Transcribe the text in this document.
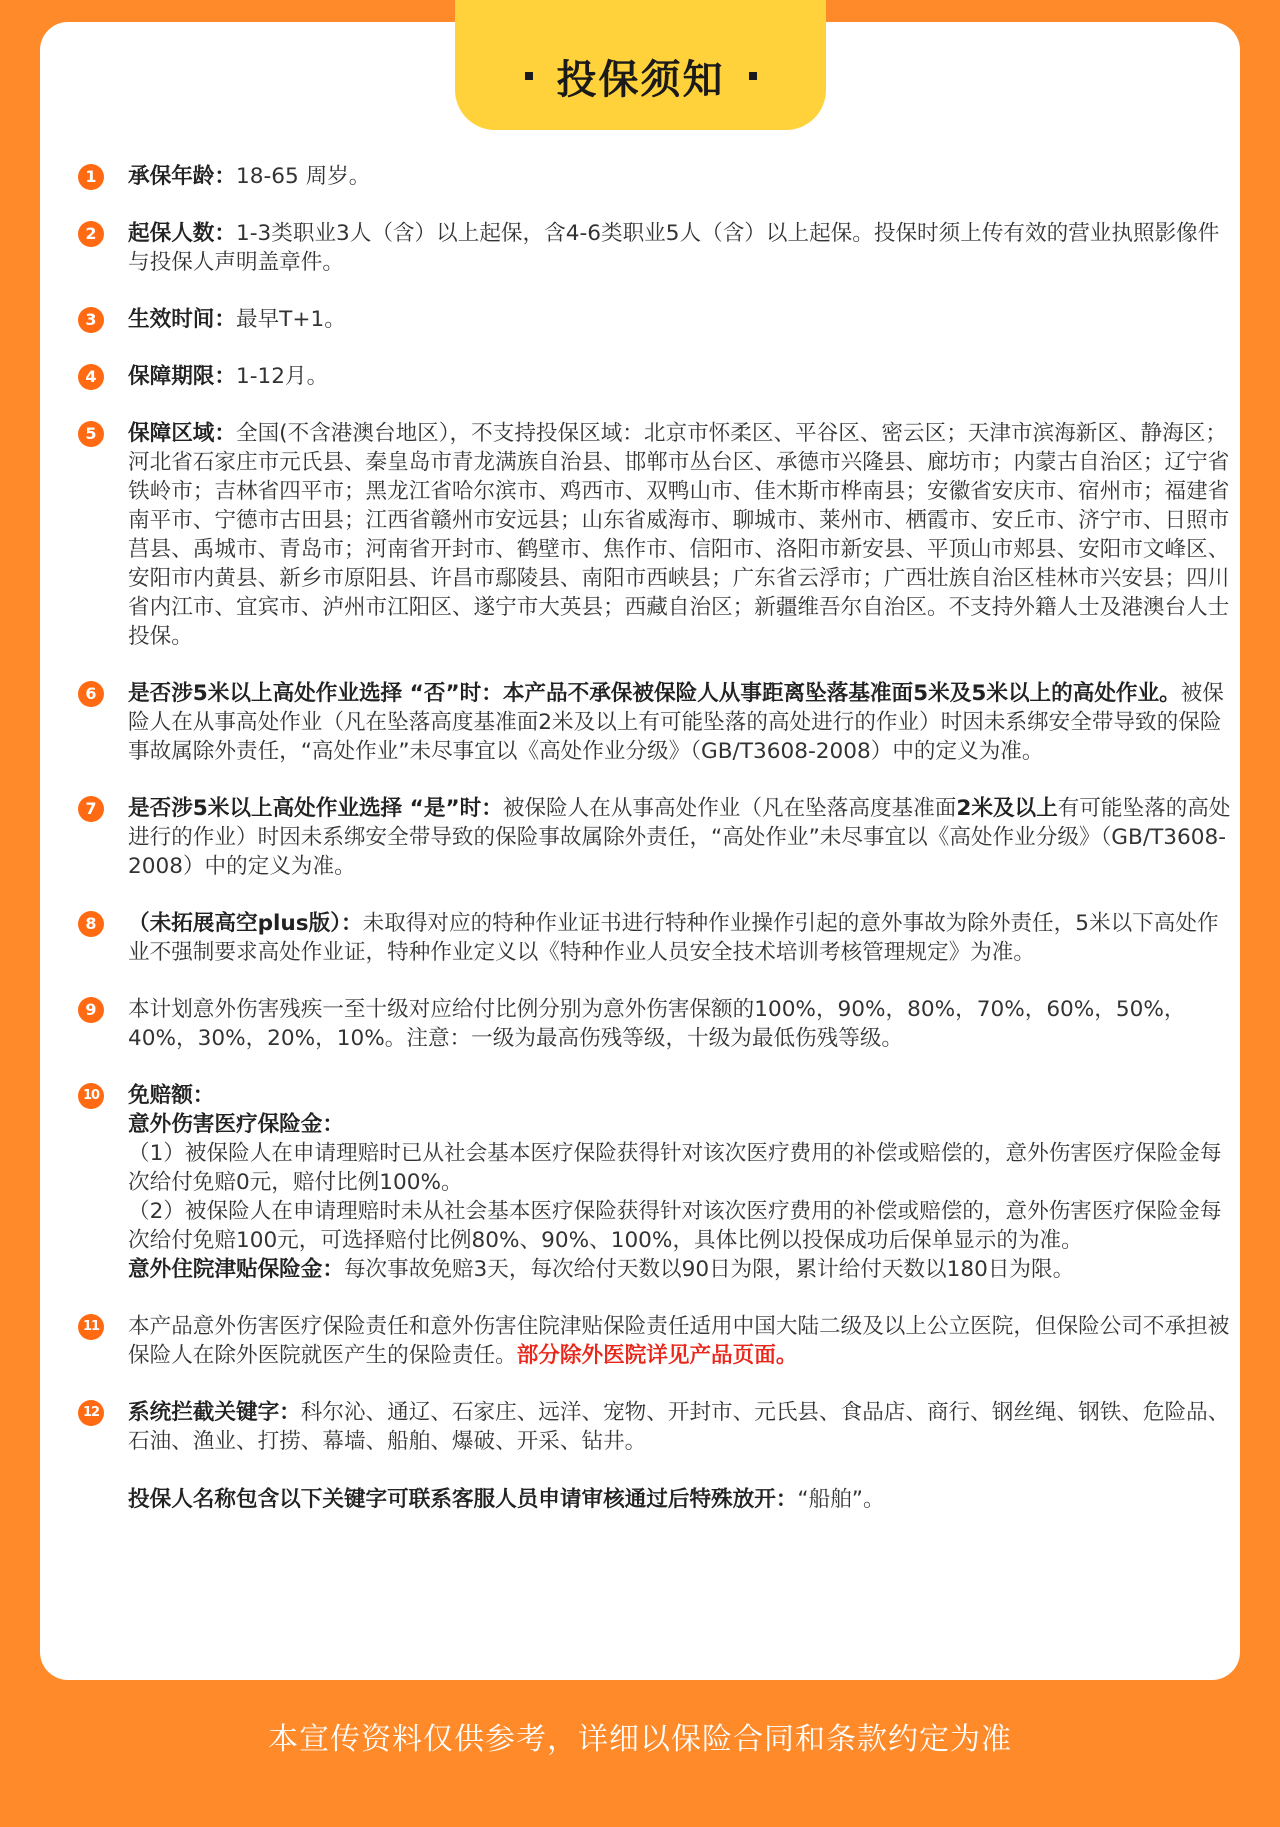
投保须知
1	承保年龄：18-65 周岁。
2	起保人数：1-3类职业3人（含）以上起保，含4-6类职业5人（含）以上起保。投保时须上传有效的营业执照影像件与投保人声明盖章件。
3	生效时间：最早T+1。
4	保障期限：1-12月。
5	保障区域：全国(不含港澳台地区），不支持投保区域：北京市怀柔区、平谷区、密云区；天津市滨海新区、静海区；河北省石家庄市元氏县、秦皇岛市青龙满族自治县、邯郸市丛台区、承德市兴隆县、廊坊市；内蒙古自治区；辽宁省铁岭市；吉林省四平市；黑龙江省哈尔滨市、鸡西市、双鸭山市、佳木斯市桦南县；安徽省安庆市、宿州市；福建省南平市、宁德市古田县；江西省赣州市安远县；山东省威海市、聊城市、莱州市、栖霞市、安丘市、济宁市、日照市莒县、禹城市、青岛市；河南省开封市、鹤壁市、焦作市、信阳市、洛阳市新安县、平顶山市郏县、安阳市文峰区、安阳市内黄县、新乡市原阳县、许昌市鄢陵县、南阳市西峡县；广东省云浮市；广西壮族自治区桂林市兴安县；四川省内江市、宜宾市、泸州市江阳区、遂宁市大英县；西藏自治区；新疆维吾尔自治区。不支持外籍人士及港澳台人士投保。
6	是否涉5米以上高处作业选择 “否”时：本产品不承保被保险人从事距离坠落基准面5米及5米以上的高处作业。被保险人在从事高处作业（凡在坠落高度基准面2米及以上有可能坠落的高处进行的作业）时因未系绑安全带导致的保险事故属除外责任，“高处作业”未尽事宜以《高处作业分级》（GB/T3608-2008）中的定义为准。
7	是否涉5米以上高处作业选择 “是”时：被保险人在从事高处作业（凡在坠落高度基准面2米及以上有可能坠落的高处进行的作业）时因未系绑安全带导致的保险事故属除外责任，“高处作业”未尽事宜以《高处作业分级》（GB/T3608-2008）中的定义为准。
8	（未拓展高空plus版）：未取得对应的特种作业证书进行特种作业操作引起的意外事故为除外责任，5米以下高处作业不强制要求高处作业证，特种作业定义以《特种作业人员安全技术培训考核管理规定》为准。
9	本计划意外伤害残疾一至十级对应给付比例分别为意外伤害保额的100%，90%，80%，70%，60%，50%，40%，30%，20%，10%。注意：一级为最高伤残等级，十级为最低伤残等级。
10 免赔额：
意外伤害医疗保险金：
（1）被保险人在申请理赔时已从社会基本医疗保险获得针对该次医疗费用的补偿或赔偿的，意外伤害医疗保险金每次给付免赔0元，赔付比例100%。
（2）被保险人在申请理赔时未从社会基本医疗保险获得针对该次医疗费用的补偿或赔偿的，意外伤害医疗保险金每次给付免赔100元，可选择赔付比例80%、90%、100%，具体比例以投保成功后保单显示的为准。
意外住院津贴保险金：每次事故免赔3天，每次给付天数以90日为限，累计给付天数以180日为限。
11 本产品意外伤害医疗保险责任和意外伤害住院津贴保险责任适用中国大陆二级及以上公立医院，但保险公司不承担被保险人在除外医院就医产生的保险责任。部分除外医院详见产品页面。
12 系统拦截关键字：科尔沁、通辽、石家庄、远洋、宠物、开封市、元氏县、食品店、商行、钢丝绳、钢铁、危险品、石油、渔业、打捞、幕墙、船舶、爆破、开采、钻井。
投保人名称包含以下关键字可联系客服人员申请审核通过后特殊放开：“船舶”。
本宣传资料仅供参考，详细以保险合同和条款约定为准
